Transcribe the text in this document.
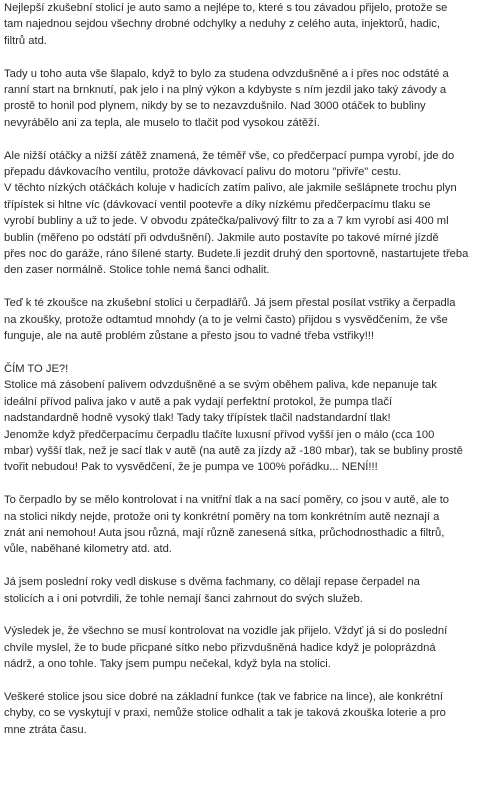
Nejlepší zkušební stolicí je auto samo a nejlépe to, které s tou závadou přijelo, protože se
tam najednou sejdou všechny drobné odchylky a neduhy z celého auta, injektorů, hadic,
filtrů atd.
Tady u toho auta vše šlapalo, když to bylo za studena odvzdušněné a i přes noc odstáté a
ranní start na brnknutí, pak jelo i na plný výkon a kdybyste s ním jezdil jako taký závody a
prostě to honil pod plynem, nikdy by se to nezavzdušnilo. Nad 3000 otáček to bubliny
nevyrábělo ani za tepla, ale muselo to tlačit pod vysokou zátěží.
Ale nižší otáčky a nižší zátěž znamená, že téměř vše, co předčerpací pumpa vyrobí, jde do
přepadu dávkovacího ventilu, protože dávkovací palivu do motoru "přivře" cestu.
V těchto nízkých otáčkách koluje v hadicích zatím palivo, ale jakmile sešlápnete trochu plyn
třípístek si hltne víc (dávkovací ventil pootevře a díky nízkému předčerpacímu tlaku se
vyrobí bubliny a už to jede. V obvodu zpátečka/palivový filtr to za a 7 km vyrobí asi 400 ml
bublin (měřeno po odstátí při odvdušnění). Jakmile auto postavíte po takové mírné jízdě
přes noc do garáže, ráno šílené starty. Budete.li jezdit druhý den sportovně, nastartujete třeba
den zaser normálně. Stolice tohle nemá šanci odhalit.
Teď k té zkoušce na zkušební stolici u čerpadlářů. Já jsem přestal posílat vstřiky a čerpadla
na zkoušky, protože odtamtud mnohdy (a to je velmi často) přijdou s vysvědčením, že vše
funguje, ale na autě problém zůstane a přesto jsou to vadné třeba vstřiky!!!
ČÍM TO JE?!
Stolice má zásobení palivem odvzdušněné a se svým oběhem paliva, kde nepanuje tak
ideální přívod paliva jako v autě a pak vydají perfektní protokol, že pumpa tlačí
nadstandardně hodně vysoký tlak! Tady taky třípístek tlačil nadstandardní tlak!
Jenomže když předčerpacímu čerpadlu tlačíte luxusní přívod vyšší jen o málo (cca 100
mbar) vyšší tlak, než je sací tlak v autě (na autě za jízdy až -180 mbar), tak se bubliny prostě
tvořit nebudou! Pak to vysvědčení, že je pumpa ve 100% pořádku... NENÍ!!!
To čerpadlo by se mělo kontrolovat i na vnitřní tlak a na sací poměry, co jsou v autě, ale to
na stolici nikdy nejde, protože oni ty konkrétní poměry na tom konkrétním autě neznají a
znát ani nemohou! Auta jsou různá, mají různě zanesená sítka, průchodnosthadic a filtrů,
vůle, naběhané kilometry atd. atd.
Já jsem poslední roky vedl diskuse s dvěma fachmany, co dělají repase čerpadel na
stolicích a i oni potvrdili, že tohle nemají šanci zahrnout do svých služeb.
Výsledek je, že všechno se musí kontrolovat na vozidle jak přijelo. Vždyť já si do poslední
chvíle myslel, že to bude přicpané sítko nebo přizvdušněná hadice když je poloprázdná
nádrž, a ono tohle. Taky jsem pumpu nečekal, když byla na stolici.
Veškeré stolice jsou sice dobré na základní funkce (tak ve fabrice na lince), ale konkrétní
chyby, co se vyskytují v praxi, nemůže stolice odhalit a tak je taková zkouška loterie a pro
mne ztráta času.
